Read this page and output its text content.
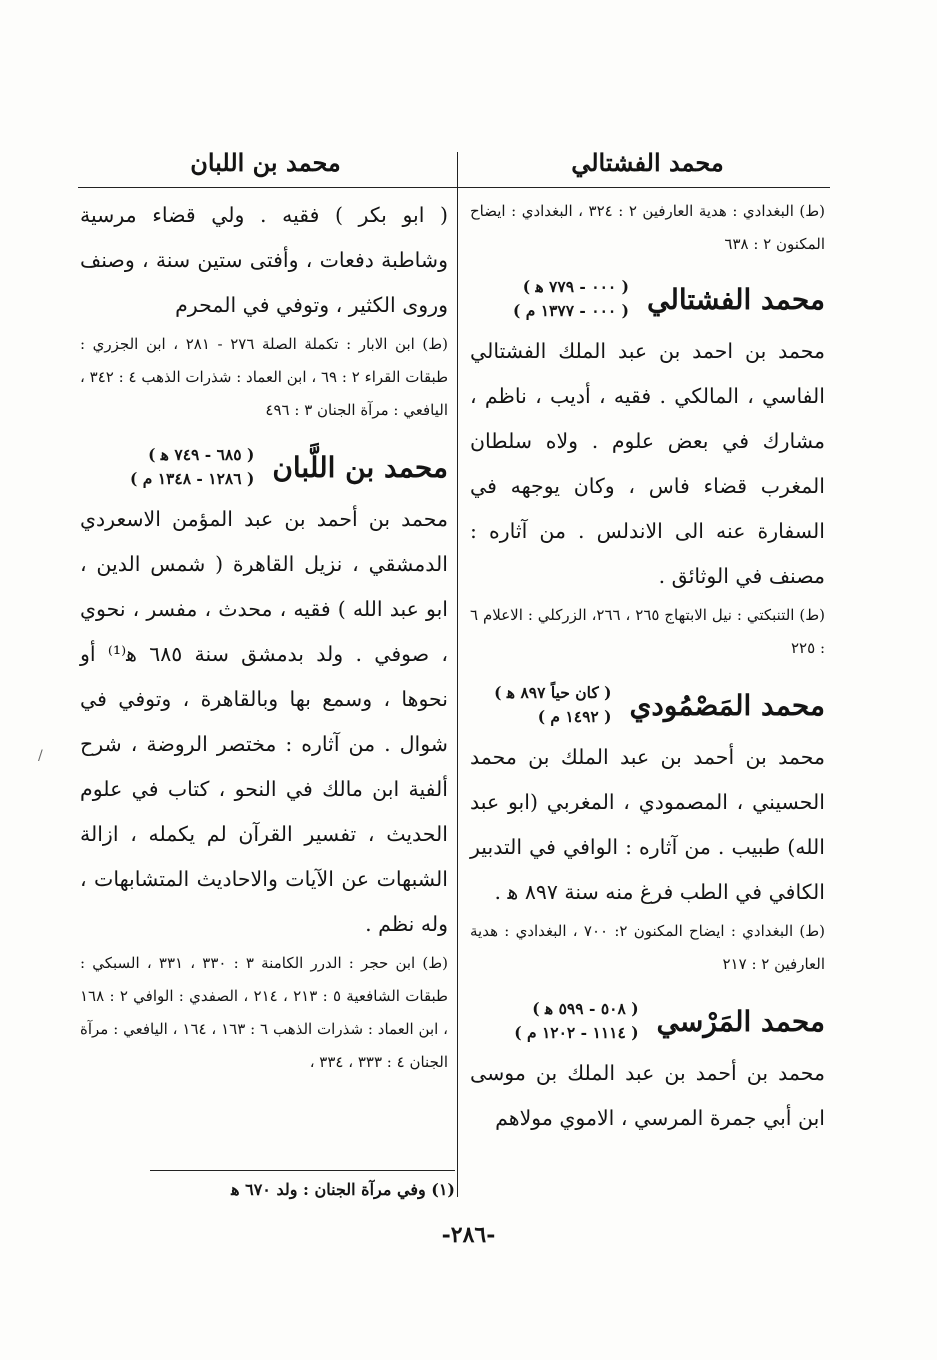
محمد الفشتالي
محمد بن اللبان

(ط) البغدادي : هدية العارفين ٢ : ٣٢٤ ، البغدادي : ايضاح المكنون ٢ : ٦٣٨

محمد الفشتالي
( ٠٠٠ - ٧٧٩ ﻫ )
( ٠٠٠ - ١٣٧٧ م )

محمد بن احمد بن عبد الملك الفشتالي الفاسي ، المالكي . فقيه ، أديب ، ناظم ، مشارك في بعض علوم . ولاه سلطان المغرب قضاء فاس ، وكان يوجهه في السفارة عنه الى الاندلس . من آثاره : مصنف في الوثائق .

(ط) التنبكتي : نيل الابتهاج ٢٦٥ ، ٢٦٦، الزركلي : الاعلام ٦ : ٢٢٥

محمد المَصْمُودي
( كان حياً ٨٩٧ ﻫ )
( ١٤٩٢ م )

محمد بن أحمد بن عبد الملك بن محمد الحسيني ، المصمودي ، المغربي (ابو عبد الله) طبيب . من آثاره : الوافي في التدبير الكافي في الطب فرغ منه سنة ٨٩٧ ﻫ .

(ط) البغدادي : ايضاح المكنون ٢: ٧٠٠ ، البغدادي : هدية العارفين ٢ : ٢١٧

محمد المَرْسي
( ٥٠٨ - ٥٩٩ ﻫ )
( ١١١٤ - ١٢٠٢ م )

محمد بن أحمد بن عبد الملك بن موسى ابن أبي جمرة المرسي ، الاموي مولاهم

( ابو بكر ) فقيه . ولي قضاء مرسية وشاطبة دفعات ، وأفتى ستين سنة ، وصنف وروى الكثير ، وتوفي في المحرم

(ط) ابن الابار : تكملة الصلة ٢٧٦ - ٢٨١ ، ابن الجزري : طبقات القراء ٢ : ٦٩ ، ابن العماد : شذرات الذهب ٤ : ٣٤٢ ، اليافعي : مرآة الجنان ٣ : ٤٩٦

محمد بن اللَّبان
( ٦٨٥ - ٧٤٩ ﻫ )
( ١٢٨٦ - ١٣٤٨ م )

محمد بن أحمد بن عبد المؤمن الاسعردي الدمشقي ، نزيل القاهرة ( شمس الدين ، ابو عبد الله ) فقيه ، محدث ، مفسر ، نحوي ، صوفي . ولد بدمشق سنة ٦٨٥ ﻫ⁽¹⁾ أو نحوها ، وسمع بها وبالقاهرة ، وتوفي في شوال . من آثاره : مختصر الروضة ، شرح ألفية ابن مالك في النحو ، كتاب في علوم الحديث ، تفسير القرآن لم يكمله ، ازالة الشبهات عن الآيات والاحاديث المتشابهات ، وله نظم .

(ط) ابن حجر : الدرر الكامنة ٣ : ٣٣٠ ، ٣٣١ ، السبكي : طبقات الشافعية ٥ : ٢١٣ ، ٢١٤ ، الصفدي : الوافي ٢ : ١٦٨ ، ابن العماد : شذرات الذهب ٦ : ١٦٣ ، ١٦٤ ، اليافعي : مرآة الجنان ٤ : ٣٣٣ ، ٣٣٤ ،

(١) وفي مرآة الجنان : ولد ٦٧٠ ﻫ
-٢٨٦-
/
